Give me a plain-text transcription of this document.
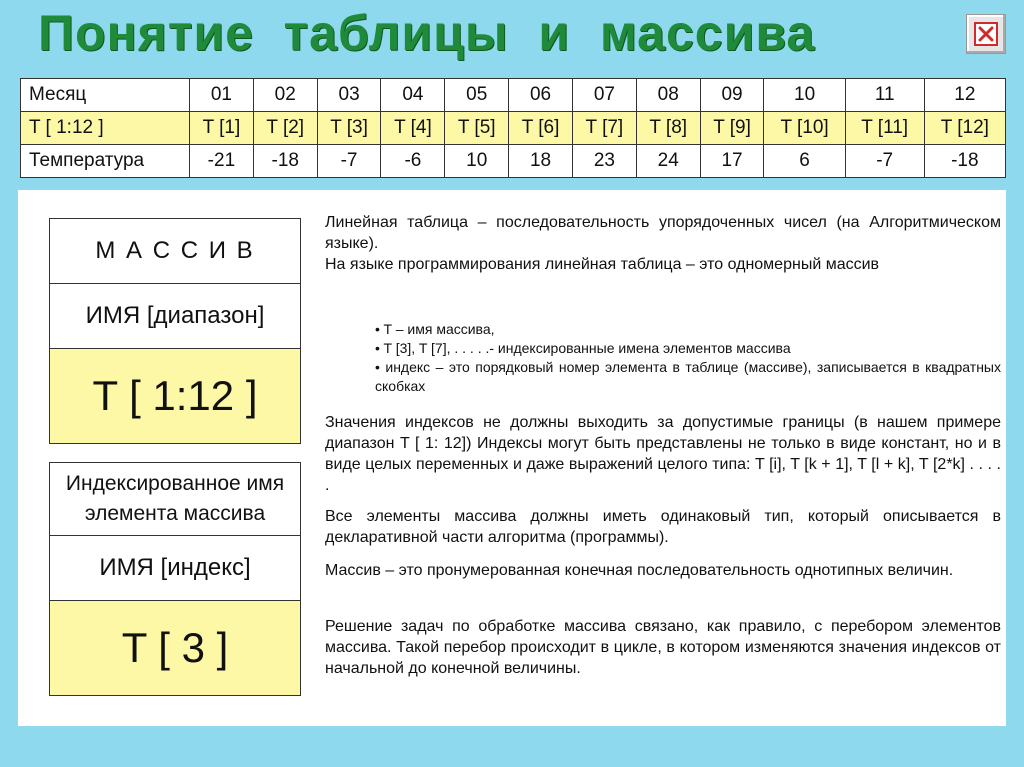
Понятие  таблицы  и  массива
Месяц	01	02	03	04	05	06	07	08	09	10	11	12
T [ 1:12 ]	T [1]	T [2]	T [3]	T [4]	T [5]	T [6]	T [7]	T [8]	T [9]	T [10]	T [11]	T [12]
Температура	-21	-18	-7	-6	10	18	23	24	17	6	-7	-18
М А С С И В
ИМЯ [диапазон]
T [ 1:12 ]
Индексированное имя элемента массива
ИМЯ [индекс]
T [ 3 ]

Линейная таблица – последовательность упорядоченных чисел (на Алгоритмическом языке).

На языке программирования линейная таблица – это одномерный массив

• T – имя массива,
• T [3], T [7], . . . . .- индексированные имена элементов массива
• индекс – это порядковый номер элемента в таблице (массиве), записывается в квадратных скобках
Значения индексов не должны выходить за допустимые границы (в нашем примере диапазон T [ 1: 12]) Индексы могут быть представлены не только в виде констант, но и в виде целых переменных и даже выражений целого типа: T [i], T [k + 1], T [l + k], T [2*k] . . . . .
Все элементы массива должны иметь одинаковый тип, который описывается в декларативной части алгоритма (программы).
Массив – это пронумерованная конечная последовательность однотипных величин.
Решение задач по обработке массива связано, как правило, с перебором элементов массива. Такой перебор происходит в цикле, в котором изменяются значения индексов от начальной до конечной величины.
